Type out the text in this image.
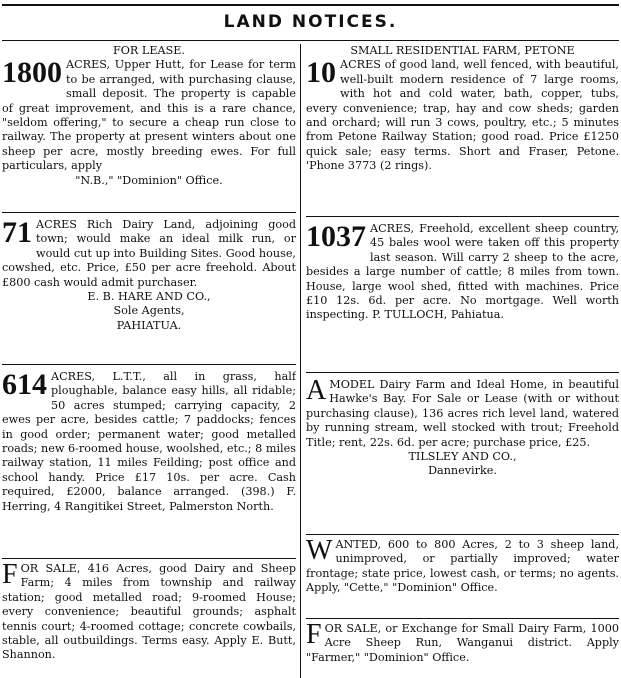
LAND NOTICES.
FOR LEASE.
1800 ACRES, Upper Hutt, for Lease for term to be arranged, with purchasing clause, small deposit. The property is capable of great improvement, and this is a rare chance, "seldom offering," to secure a cheap run close to railway. The property at present winters about one sheep per acre, mostly breeding ewes. For full particulars, apply
"N.B.," "Dominion" Office.
71 ACRES Rich Dairy Land, adjoining good town; would make an ideal milk run, or would cut up into Building Sites. Good house, cowshed, etc. Price, £50 per acre freehold. About £800 cash would admit purchaser.
E. B. HARE AND CO.,
Sole Agents,
PAHIATUA.
614 ACRES, L.T.T., all in grass, half ploughable, balance easy hills, all ridable; 50 acres stumped; carrying capacity, 2 ewes per acre, besides cattle; 7 paddocks; fences in good order; permanent water; good metalled roads; new 6-roomed house, woolshed, etc.; 8 miles railway station, 11 miles Feilding; post office and school handy. Price £17 10s. per acre. Cash required, £2000, balance arranged. (398.) F. Herring, 4 Rangitikei Street, Palmerston North.
F OR SALE, 416 Acres, good Dairy and Sheep Farm; 4 miles from township and railway station; good metalled road; 9-roomed House; every convenience; beautiful grounds; asphalt tennis court; 4-roomed cottage; concrete cowbails, stable, all outbuildings. Terms easy. Apply E. Butt, Shannon.
SMALL RESIDENTIAL FARM, PETONE
10 ACRES of good land, well fenced, with beautiful, well-built modern residence of 7 large rooms, with hot and cold water, bath, copper, tubs, every convenience; trap, hay and cow sheds; garden and orchard; will run 3 cows, poultry, etc.; 5 minutes from Petone Railway Station; good road. Price £1250 quick sale; easy terms. Short and Fraser, Petone. 'Phone 3773 (2 rings).
1037 ACRES, Freehold, excellent sheep country, 45 bales wool were taken off this property last season. Will carry 2 sheep to the acre, besides a large number of cattle; 8 miles from town. House, large wool shed, fitted with machines. Price £10 12s. 6d. per acre. No mortgage. Well worth inspecting. P. TULLOCH, Pahiatua.
A MODEL Dairy Farm and Ideal Home, in beautiful Hawke's Bay. For Sale or Lease (with or without purchasing clause), 136 acres rich level land, watered by running stream, well stocked with trout; Freehold Title; rent, 22s. 6d. per acre; purchase price, £25.
TILSLEY AND CO.,
Dannevirke.
W ANTED, 600 to 800 Acres, 2 to 3 sheep land, unimproved, or partially improved; water frontage; state price, lowest cash, or terms; no agents. Apply, "Cette," "Dominion" Office.
F OR SALE, or Exchange for Small Dairy Farm, 1000 Acre Sheep Run, Wanganui district. Apply "Farmer," "Dominion" Office.
